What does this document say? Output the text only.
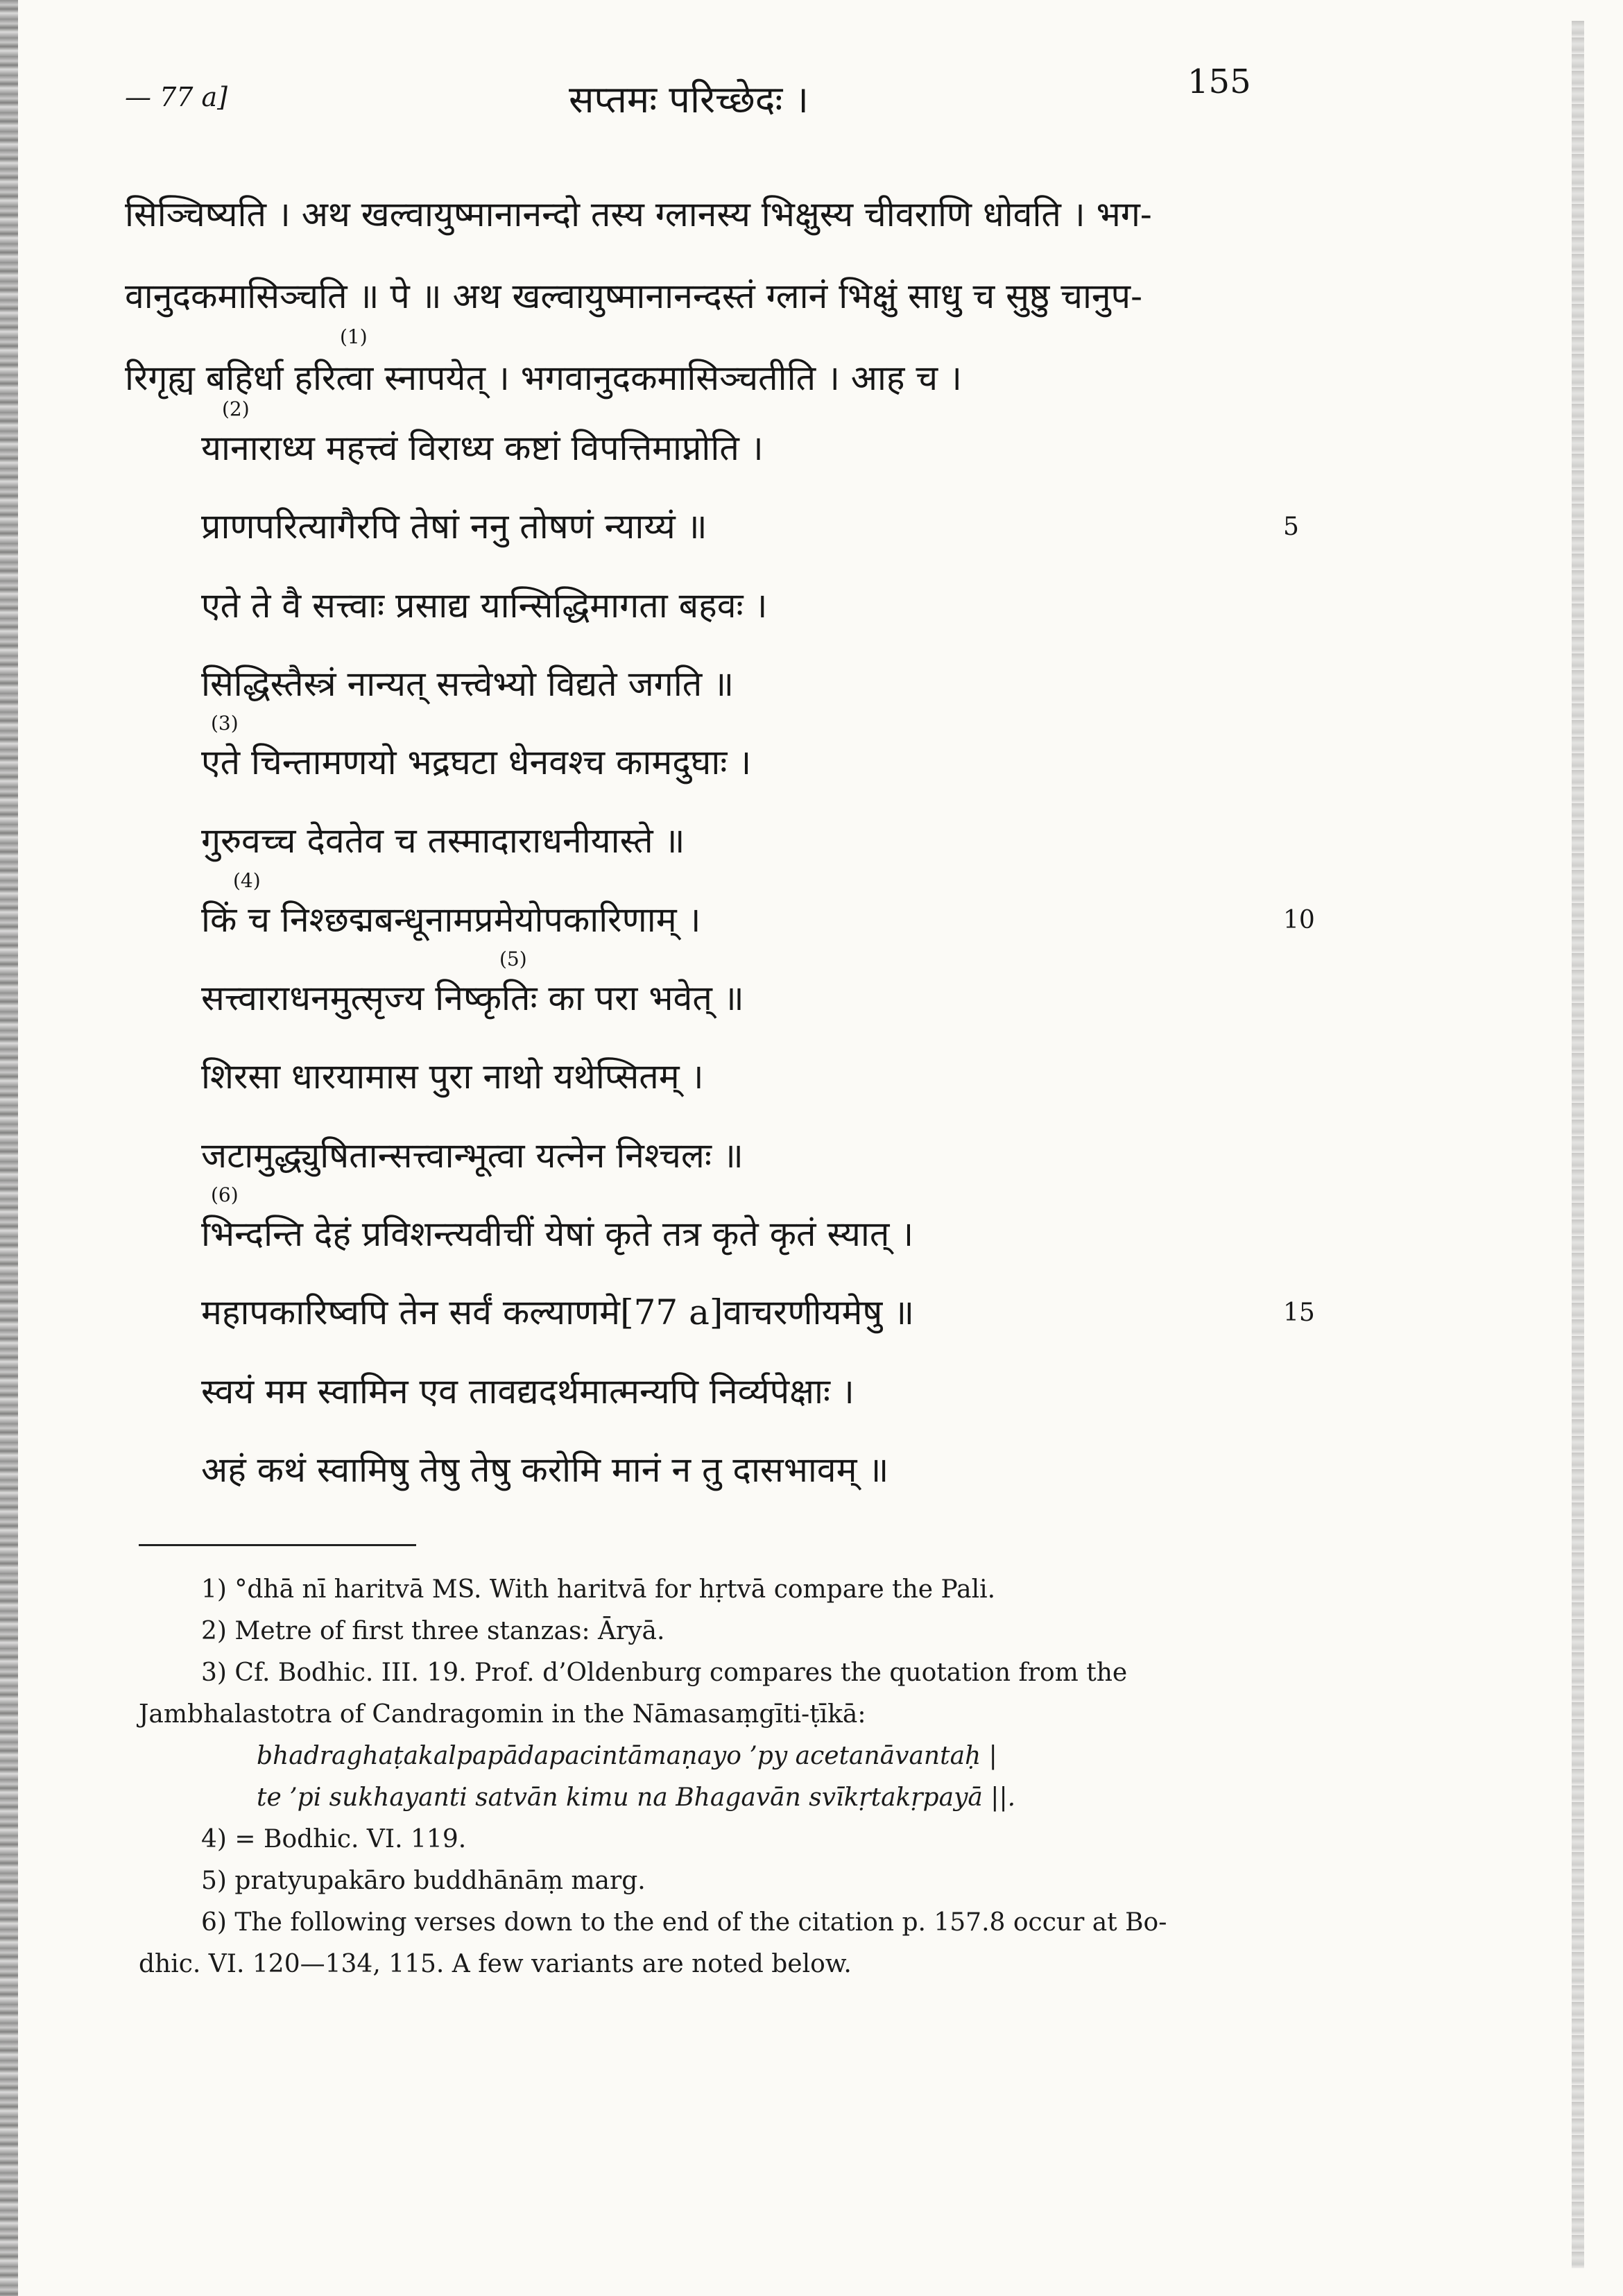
— 77 a]	सप्तमः परिच्छेदः ।	155
सिञ्चिष्यति । अथ खल्वायुष्मानानन्दो तस्य ग्लानस्य भिक्षुस्य चीवराणि धोवति । भग-
वानुदकमासिञ्चति ॥ पे ॥ अथ खल्वायुष्मानानन्दस्तं ग्लानं भिक्षुं साधु च सुष्ठु चानुप-
(1)
रिगृह्य बहिर्धा हरित्वा स्नापयेत् । भगवानुदकमासिञ्चतीति । आह च ।
(2)
यानाराध्य महत्त्वं विराध्य कष्टां विपत्तिमाप्नोति ।
प्राणपरित्यागैरपि तेषां ननु तोषणं न्याय्यं ॥	5
एते ते वै सत्त्वाः प्रसाद्य यान्सिद्धिमागता बहवः ।
सिद्धिस्तैस्त्रं नान्यत् सत्त्वेभ्यो विद्यते जगति ॥
(3)
एते चिन्तामणयो भद्रघटा धेनवश्च कामदुघाः ।
गुरुवच्च देवतेव च तस्मादाराधनीयास्ते ॥
(4)
किं च निश्छद्मबन्धूनामप्रमेयोपकारिणाम् ।	10
(5)
सत्त्वाराधनमुत्सृज्य निष्कृतिः का परा भवेत् ॥
शिरसा धारयामास पुरा नाथो यथेप्सितम् ।
जटामुद्ध्युषितान्सत्त्वान्भूत्वा यत्नेन निश्चलः ॥
(6)
भिन्दन्ति देहं प्रविशन्त्यवीचीं येषां कृते तत्र कृते कृतं स्यात् ।
महापकारिष्वपि तेन सर्वं कल्याणमे[77 a]वाचरणीयमेषु ॥	15
स्वयं मम स्वामिन एव तावद्यदर्थमात्मन्यपि निर्व्यपेक्षाः ।
अहं कथं स्वामिषु तेषु तेषु करोमि मानं न तु दासभावम् ॥
1) °dhā nī haritvā MS. With haritvā for hṛtvā compare the Pali.
2) Metre of first three stanzas: Āryā.
3) Cf. Bodhic. III. 19. Prof. d’Oldenburg compares the quotation from the
Jambhalastotra of Candragomin in the Nāmasaṃgīti-ṭīkā:
bhadraghaṭakalpapādapacintāmaṇayo ’py acetanāvantaḥ |
te ’pi sukhayanti satvān kimu na Bhagavān svīkṛtakṛpayā ||.
4) = Bodhic. VI. 119.
5) pratyupakāro buddhānāṃ marg.
6) The following verses down to the end of the citation p. 157.8 occur at Bo-
dhic. VI. 120—134, 115. A few variants are noted below.
